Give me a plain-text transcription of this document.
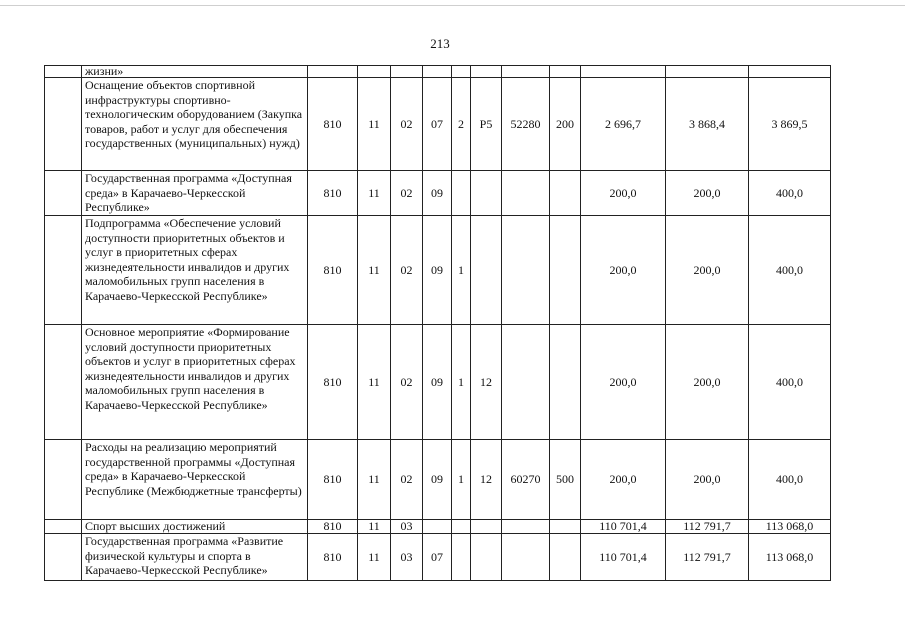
213
	жизни»											
	Оснащение объектов спортивной инфраструктуры спортивно-технологическим оборудованием (Закупка товаров, работ и услуг для обеспечения государственных (муниципальных) нужд)	810	11	02	07	2	P5	52280	200	2 696,7	3 868,4	3 869,5
	Государственная программа «Доступная среда» в Карачаево-Черкесской Республике»	810	11	02	09					200,0	200,0	400,0
	Подпрограмма «Обеспечение условий доступности приоритетных объектов и услуг в приоритетных сферах жизнедеятельности инвалидов и других маломобильных групп населения в Карачаево-Черкесской Республике»	810	11	02	09	1				200,0	200,0	400,0
	Основное мероприятие «Формирование условий доступности приоритетных объектов и услуг в приоритетных сферах жизнедеятельности инвалидов и других маломобильных групп населения в Карачаево-Черкесской Республике»	810	11	02	09	1	12			200,0	200,0	400,0
	Расходы на реализацию мероприятий государственной программы «Доступная среда» в Карачаево-Черкесской Республике (Межбюджетные трансферты)	810	11	02	09	1	12	60270	500	200,0	200,0	400,0
	Спорт высших достижений	810	11	03						110 701,4	112 791,7	113 068,0
	Государственная программа «Развитие физической культуры и спорта в Карачаево-Черкесской Республике»	810	11	03	07					110 701,4	112 791,7	113 068,0
